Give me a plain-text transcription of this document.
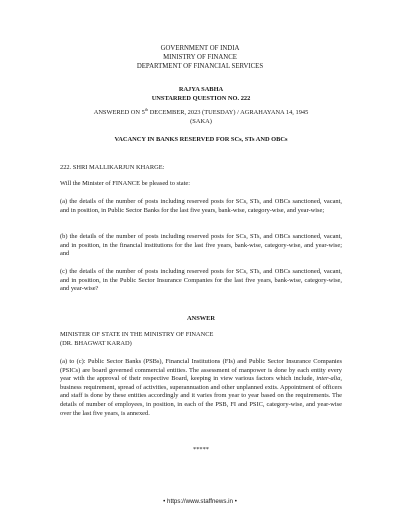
GOVERNMENT OF INDIA
MINISTRY OF FINANCE
DEPARTMENT OF FINANCIAL SERVICES
RAJYA SABHA
UNSTARRED QUESTION NO. 222
ANSWERED ON 5th DECEMBER, 2023 (TUESDAY) / AGRAHAYANA 14, 1945
(SAKA)
VACANCY IN BANKS RESERVED FOR SCs, STs AND OBCs
222. SHRI MALLIKARJUN KHARGE:
Will the Minister of FINANCE be pleased to state:

(a) the details of the number of posts including reserved posts for SCs, STs, and OBCs sanctioned, vacant, and in position, in Public Sector Banks for the last five years, bank-wise, category-wise, and year-wise;

(b) the details of the number of posts including reserved posts for SCs, STs, and OBCs sanctioned, vacant, and in position, in the financial institutions for the last five years, bank-wise, category-wise, and year-wise; and

(c) the details of the number of posts including reserved posts for SCs, STs, and OBCs sanctioned, vacant, and in position, in the Public Sector Insurance Companies for the last five years, bank-wise, category-wise, and year-wise?

ANSWER
MINISTER OF STATE IN THE MINISTRY OF FINANCE
(DR. BHAGWAT KARAD)

(a) to (c): Public Sector Banks (PSBs), Financial Institutions (FIs) and Public Sector Insurance Companies (PSICs) are board governed commercial entities. The assessment of manpower is done by each entity every year with the approval of their respective Board, keeping in view various factors which include, inter-alia, business requirement, spread of activities, superannuation and other unplanned exits. Appointment of officers and staff is done by these entities accordingly and it varies from year to year based on the requirements. The details of number of employees, in position, in each of the PSB, FI and PSIC, category-wise, and year-wise over the last five years, is annexed.

*****
• https://www.staffnews.in •
